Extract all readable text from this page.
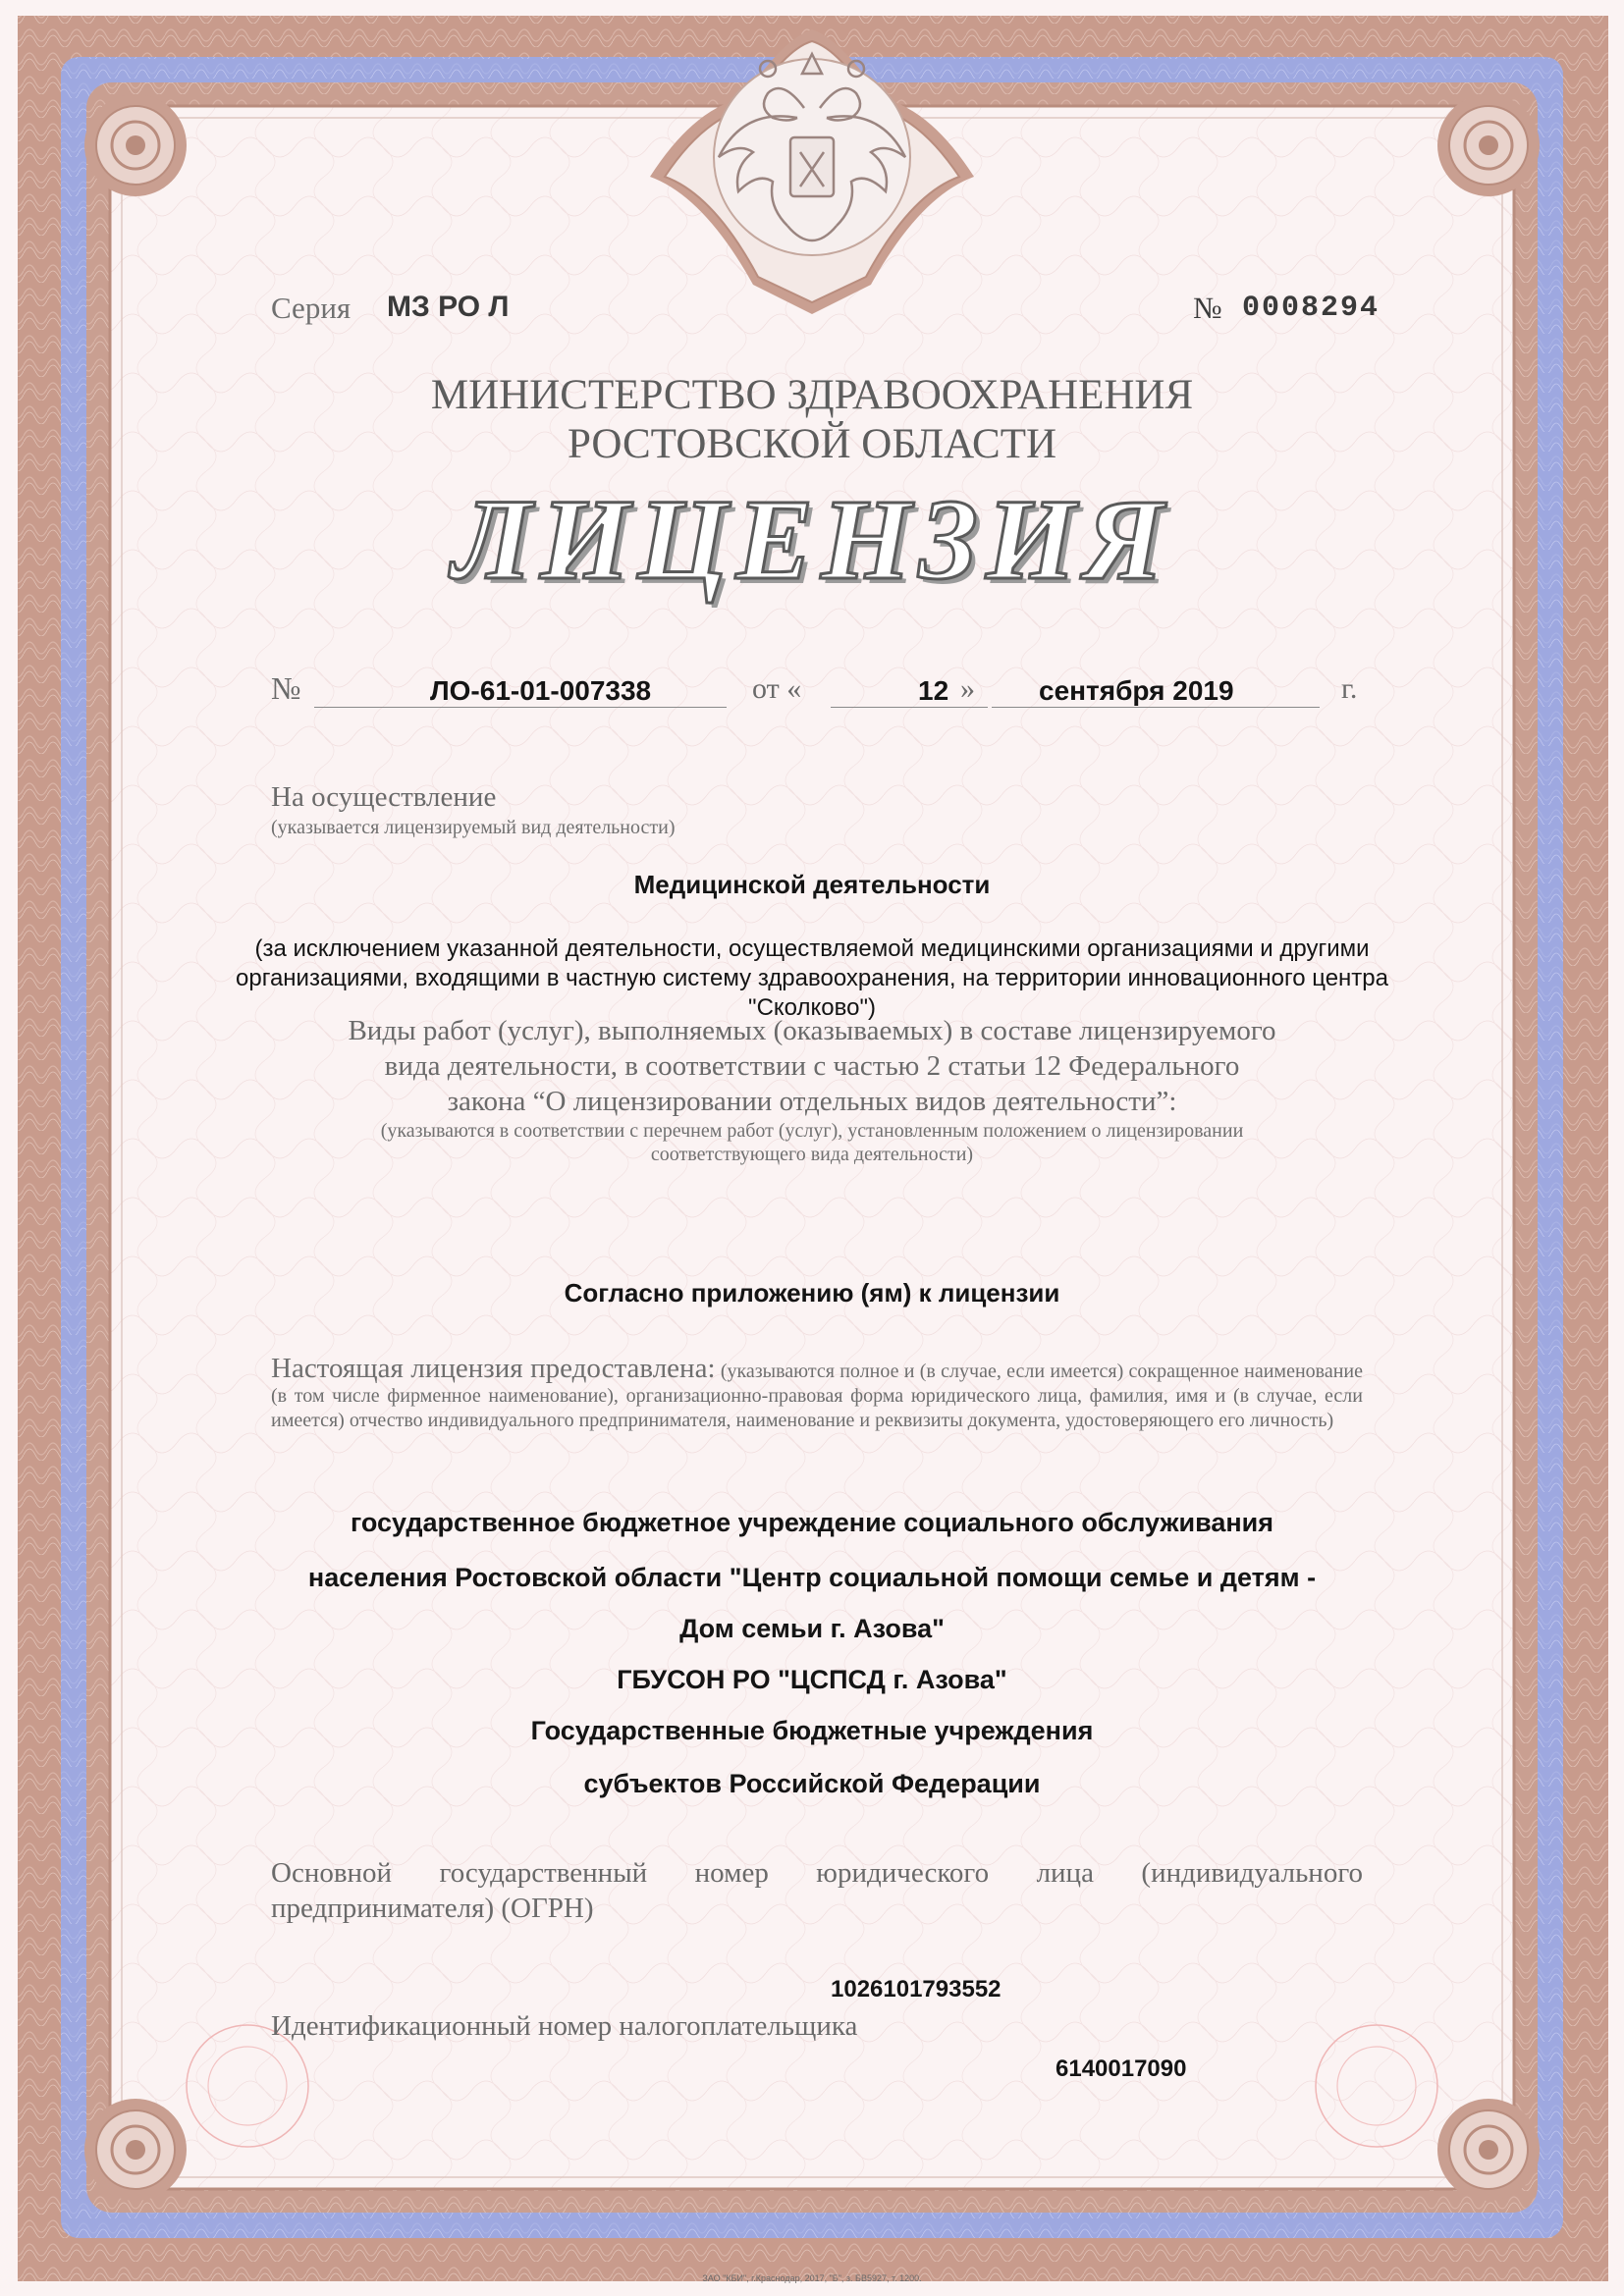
Серия МЗ РО Л	№ 0008294
МИНИСТЕРСТВО ЗДРАВООХРАНЕНИЯ
РОСТОВСКОЙ ОБЛАСТИ
ЛИЦЕНЗИЯ
№	ЛО-61-01-007338	от «	12 » сентября 2019	г.
На осуществление
(указывается лицензируемый вид деятельности)
Медицинской деятельности
(за исключением указанной деятельности, осуществляемой медицинскими организациями и другими организациями, входящими в частную систему здравоохранения, на территории инновационного центра "Сколково")
Виды работ (услуг), выполняемых (оказываемых) в составе лицензируемого
вида деятельности, в соответствии с частью 2 статьи 12 Федерального
закона “О лицензировании отдельных видов деятельности”:
(указываются в соответствии с перечнем работ (услуг), установленным положением о лицензировании
соответствующего вида деятельности)
Согласно приложению (ям) к лицензии
Настоящая лицензия предоставлена: (указываются полное и (в случае, если имеется) сокращенное наименование (в том числе фирменное наименование), организационно-правовая форма юридического лица, фамилия, имя и (в случае, если имеется) отчество индивидуального предпринимателя, наименование и реквизиты документа, удостоверяющего его личность)
государственное бюджетное учреждение социального обслуживания
населения Ростовской области "Центр социальной помощи семье и детям -
Дом семьи г. Азова"
ГБУСОН РО "ЦСПСД г. Азова"
Государственные бюджетные учреждения
субъектов Российской Федерации
Основной государственный номер юридического лица (индивидуального предпринимателя) (ОГРН)
1026101793552
Идентификационный номер налогоплательщика
6140017090
ЗАО "КБИ", г.Краснодар, 2017, "Б", з. БВ5927, т. 1200.
